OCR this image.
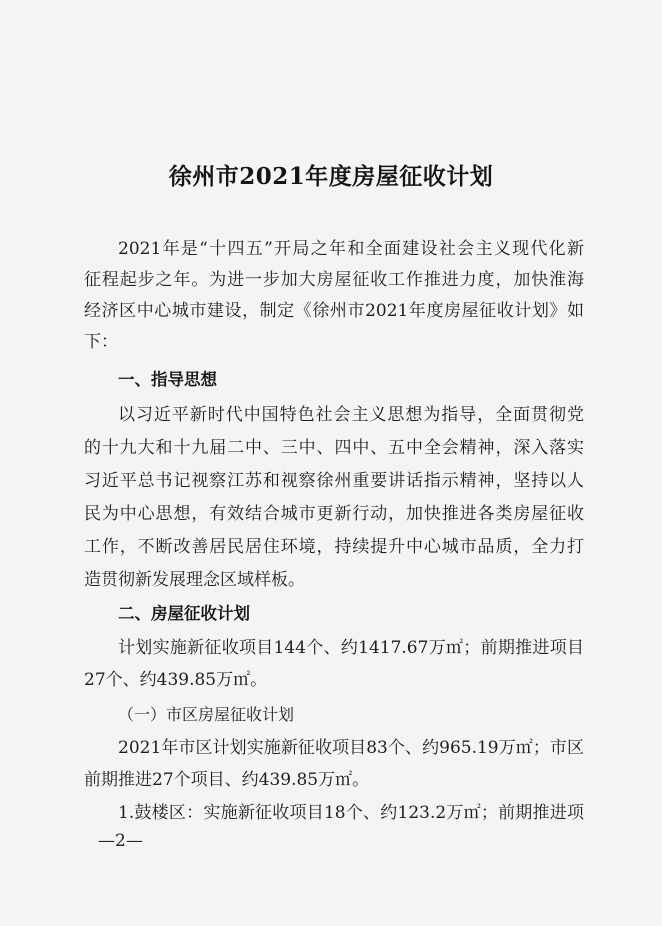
徐州市2021年度房屋征收计划
2021年是“十四五”开局之年和全面建设社会主义现代化新
征程起步之年。为进一步加大房屋征收工作推进力度，加快淮海
经济区中心城市建设，制定《徐州市2021年度房屋征收计划》如
下：
一、指导思想
以习近平新时代中国特色社会主义思想为指导，全面贯彻党
的十九大和十九届二中、三中、四中、五中全会精神，深入落实
习近平总书记视察江苏和视察徐州重要讲话指示精神，坚持以人
民为中心思想，有效结合城市更新行动，加快推进各类房屋征收
工作，不断改善居民居住环境，持续提升中心城市品质，全力打
造贯彻新发展理念区域样板。
二、房屋征收计划
计划实施新征收项目144个、约1417.67万㎡；前期推进项目
27个、约439.85万㎡。
（一）市区房屋征收计划
2021年市区计划实施新征收项目83个、约965.19万㎡；市区
前期推进27个项目、约439.85万㎡。
1.鼓楼区：实施新征收项目18个、约123.2万㎡；前期推进项
—2—
